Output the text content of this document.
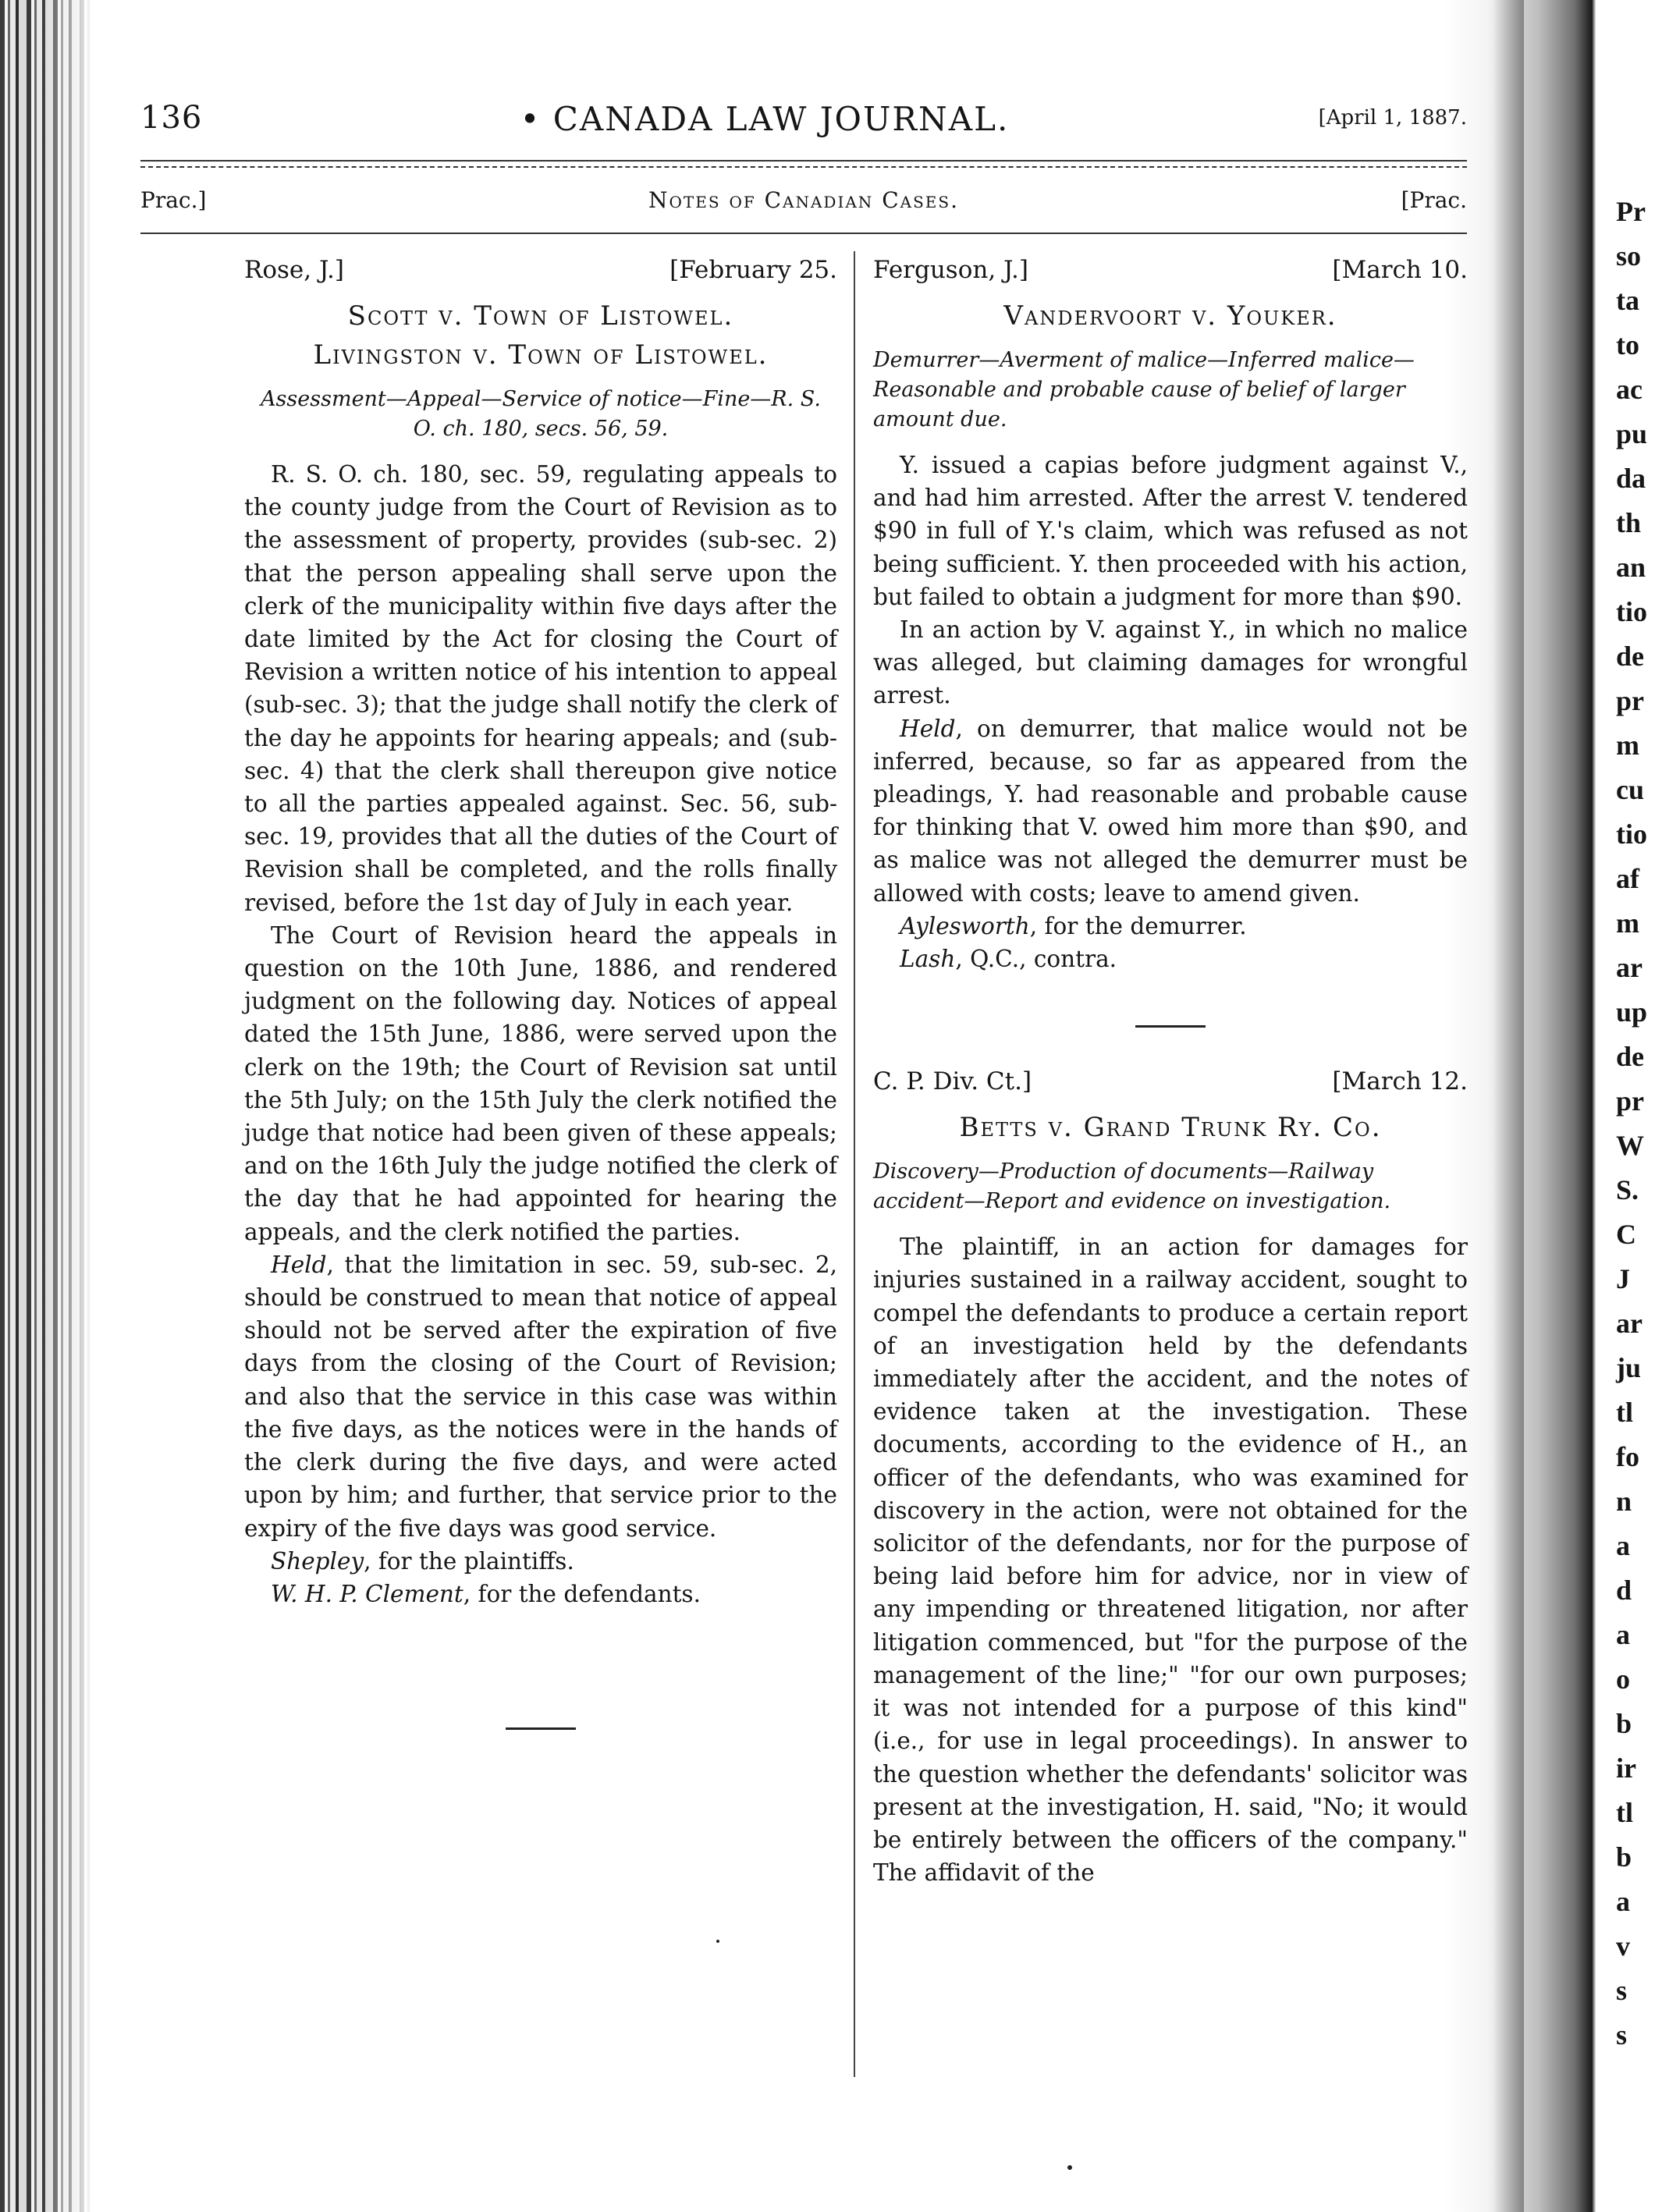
Pr
so
ta
to
ac
pu
da
th
an
tio
de
pr
m
cu
tio
af
m
ar
up
de
pr
W
S.
C
J
ar
ju
tl
fo
n
a
d
a
o
b
ir
tl
b
a
v
s
s
136	• CANADA LAW JOURNAL.	[April 1, 1887.
Prac.]	Notes of Canadian Cases.	[Prac.
Rose, J.]	[February 25.
Scott v. Town of Listowel.
Livingston v. Town of Listowel.
Assessment—Appeal—Service of notice—Fine—R. S. O. ch. 180, secs. 56, 59.

R. S. O. ch. 180, sec. 59, regulating appeals to the county judge from the Court of Revision as to the assessment of property, provides (sub-sec. 2) that the person appealing shall serve upon the clerk of the municipality within five days after the date limited by the Act for closing the Court of Revision a written notice of his intention to appeal (sub-sec. 3); that the judge shall notify the clerk of the day he appoints for hearing appeals; and (sub-sec. 4) that the clerk shall thereupon give notice to all the parties appealed against. Sec. 56, sub-sec. 19, provides that all the duties of the Court of Revision shall be completed, and the rolls finally revised, before the 1st day of July in each year.

The Court of Revision heard the appeals in question on the 10th June, 1886, and rendered judgment on the following day. Notices of appeal dated the 15th June, 1886, were served upon the clerk on the 19th; the Court of Revision sat until the 5th July; on the 15th July the clerk notified the judge that notice had been given of these appeals; and on the 16th July the judge notified the clerk of the day that he had appointed for hearing the appeals, and the clerk notified the parties.

Held, that the limitation in sec. 59, sub-sec. 2, should be construed to mean that notice of appeal should not be served after the expiration of five days from the closing of the Court of Revision; and also that the service in this case was within the five days, as the notices were in the hands of the clerk during the five days, and were acted upon by him; and further, that service prior to the expiry of the five days was good service.

Shepley, for the plaintiffs.

W. H. P. Clement, for the defendants.

Ferguson, J.]	[March 10.
Vandervoort v. Youker.
Demurrer—Averment of malice—Inferred malice—Reasonable and probable cause of belief of larger amount due.

Y. issued a capias before judgment against V., and had him arrested. After the arrest V. tendered $90 in full of Y.'s claim, which was refused as not being sufficient. Y. then proceeded with his action, but failed to obtain a judgment for more than $90.

In an action by V. against Y., in which no malice was alleged, but claiming damages for wrongful arrest.

Held, on demurrer, that malice would not be inferred, because, so far as appeared from the pleadings, Y. had reasonable and probable cause for thinking that V. owed him more than $90, and as malice was not alleged the demurrer must be allowed with costs; leave to amend given.

Aylesworth, for the demurrer.

Lash, Q.C., contra.

C. P. Div. Ct.]	[March 12.
Betts v. Grand Trunk Ry. Co.
Discovery—Production of documents—Railway accident—Report and evidence on investigation.

The plaintiff, in an action for damages for injuries sustained in a railway accident, sought to compel the defendants to produce a certain report of an investigation held by the defendants immediately after the accident, and the notes of evidence taken at the investigation. These documents, according to the evidence of H., an officer of the defendants, who was examined for discovery in the action, were not obtained for the solicitor of the defendants, nor for the purpose of being laid before him for advice, nor in view of any impending or threatened litigation, nor after litigation commenced, but "for the purpose of the management of the line;" "for our own purposes; it was not intended for a purpose of this kind" (i.e., for use in legal proceedings). In answer to the question whether the defendants' solicitor was present at the investigation, H. said, "No; it would be entirely between the officers of the company." The affidavit of the
